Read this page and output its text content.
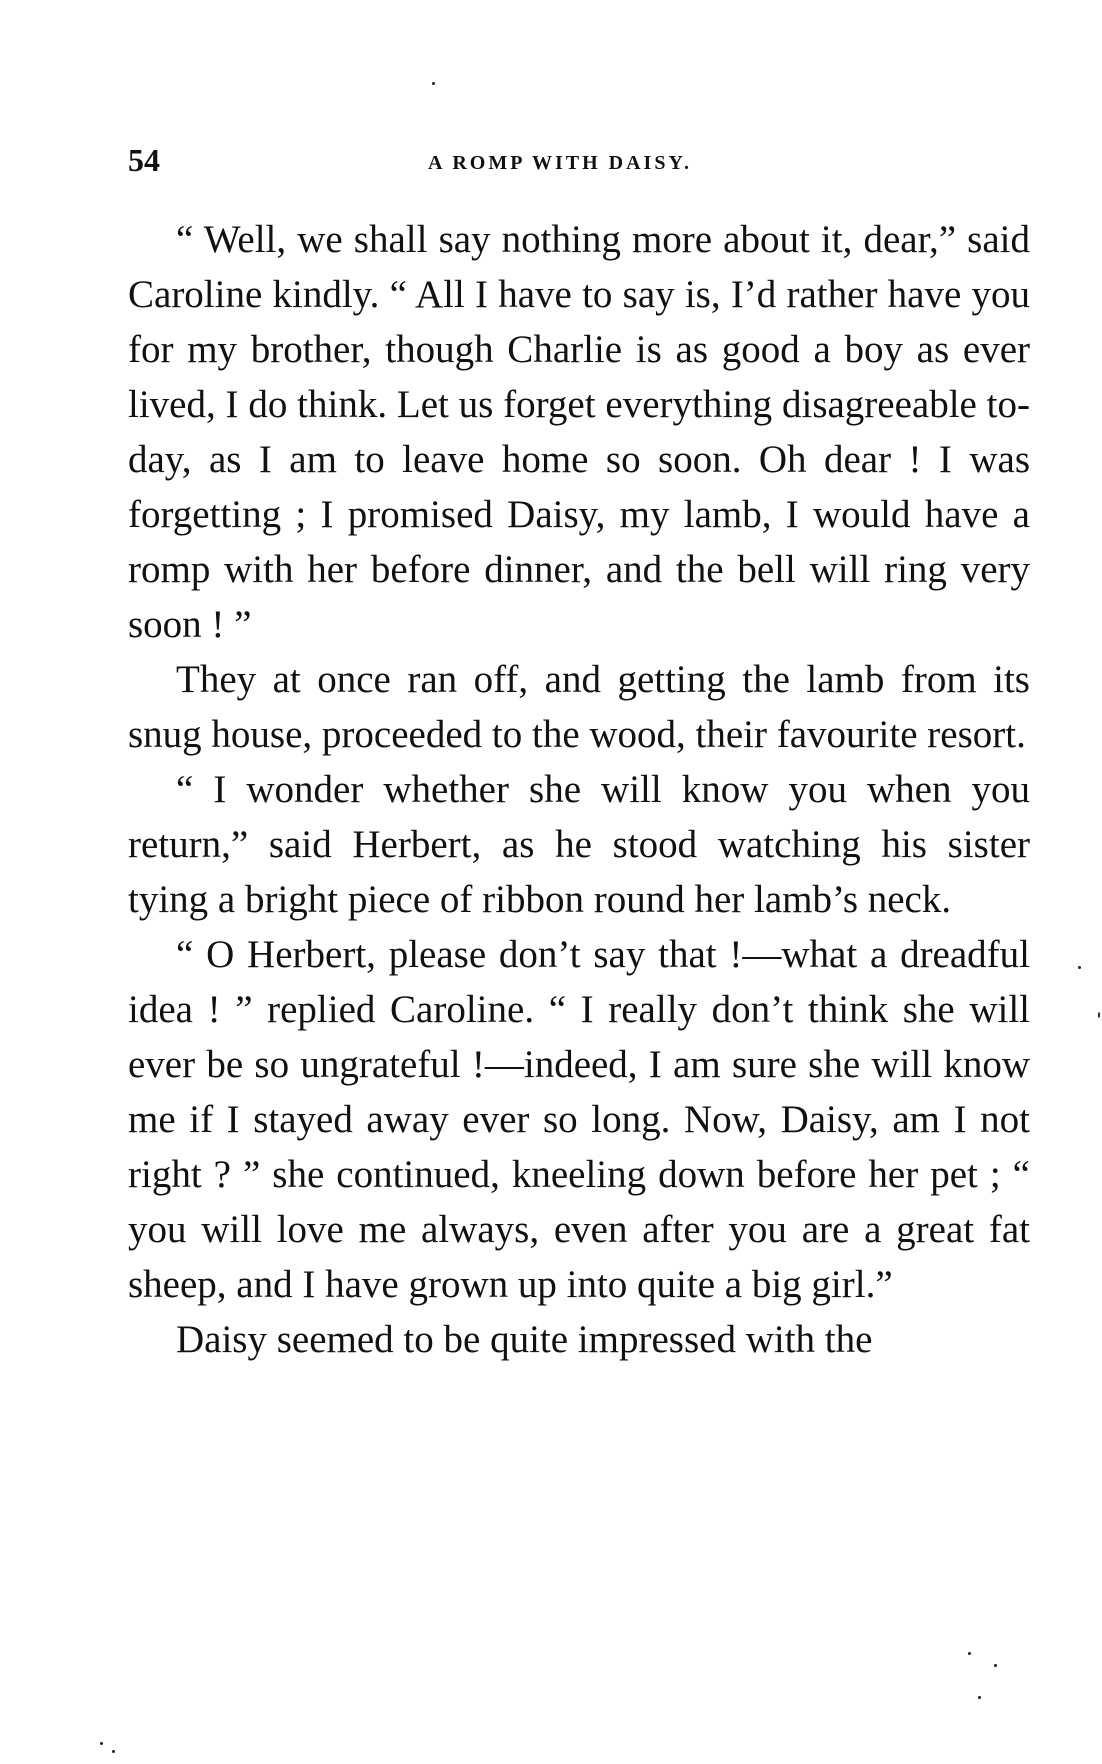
54	A ROMP WITH DAISY.

“ Well, we shall say nothing more about it, dear,” said Caroline kindly. “ All I have to say is, I’d rather have you for my brother, though Charlie is as good a boy as ever lived, I do think. Let us forget everything disagreeable to-day, as I am to leave home so soon. Oh dear ! I was forgetting ; I promised Daisy, my lamb, I would have a romp with her before dinner, and the bell will ring very soon ! ”

They at once ran off, and getting the lamb from its snug house, proceeded to the wood, their favourite resort.

“ I wonder whether she will know you when you return,” said Herbert, as he stood watching his sister tying a bright piece of ribbon round her lamb’s neck.

“ O Herbert, please don’t say that !—what a dreadful idea ! ” replied Caroline. “ I really don’t think she will ever be so ungrateful !—indeed, I am sure she will know me if I stayed away ever so long. Now, Daisy, am I not right ? ” she continued, kneeling down before her pet ; “ you will love me always, even after you are a great fat sheep, and I have grown up into quite a big girl.”

Daisy seemed to be quite impressed with the
